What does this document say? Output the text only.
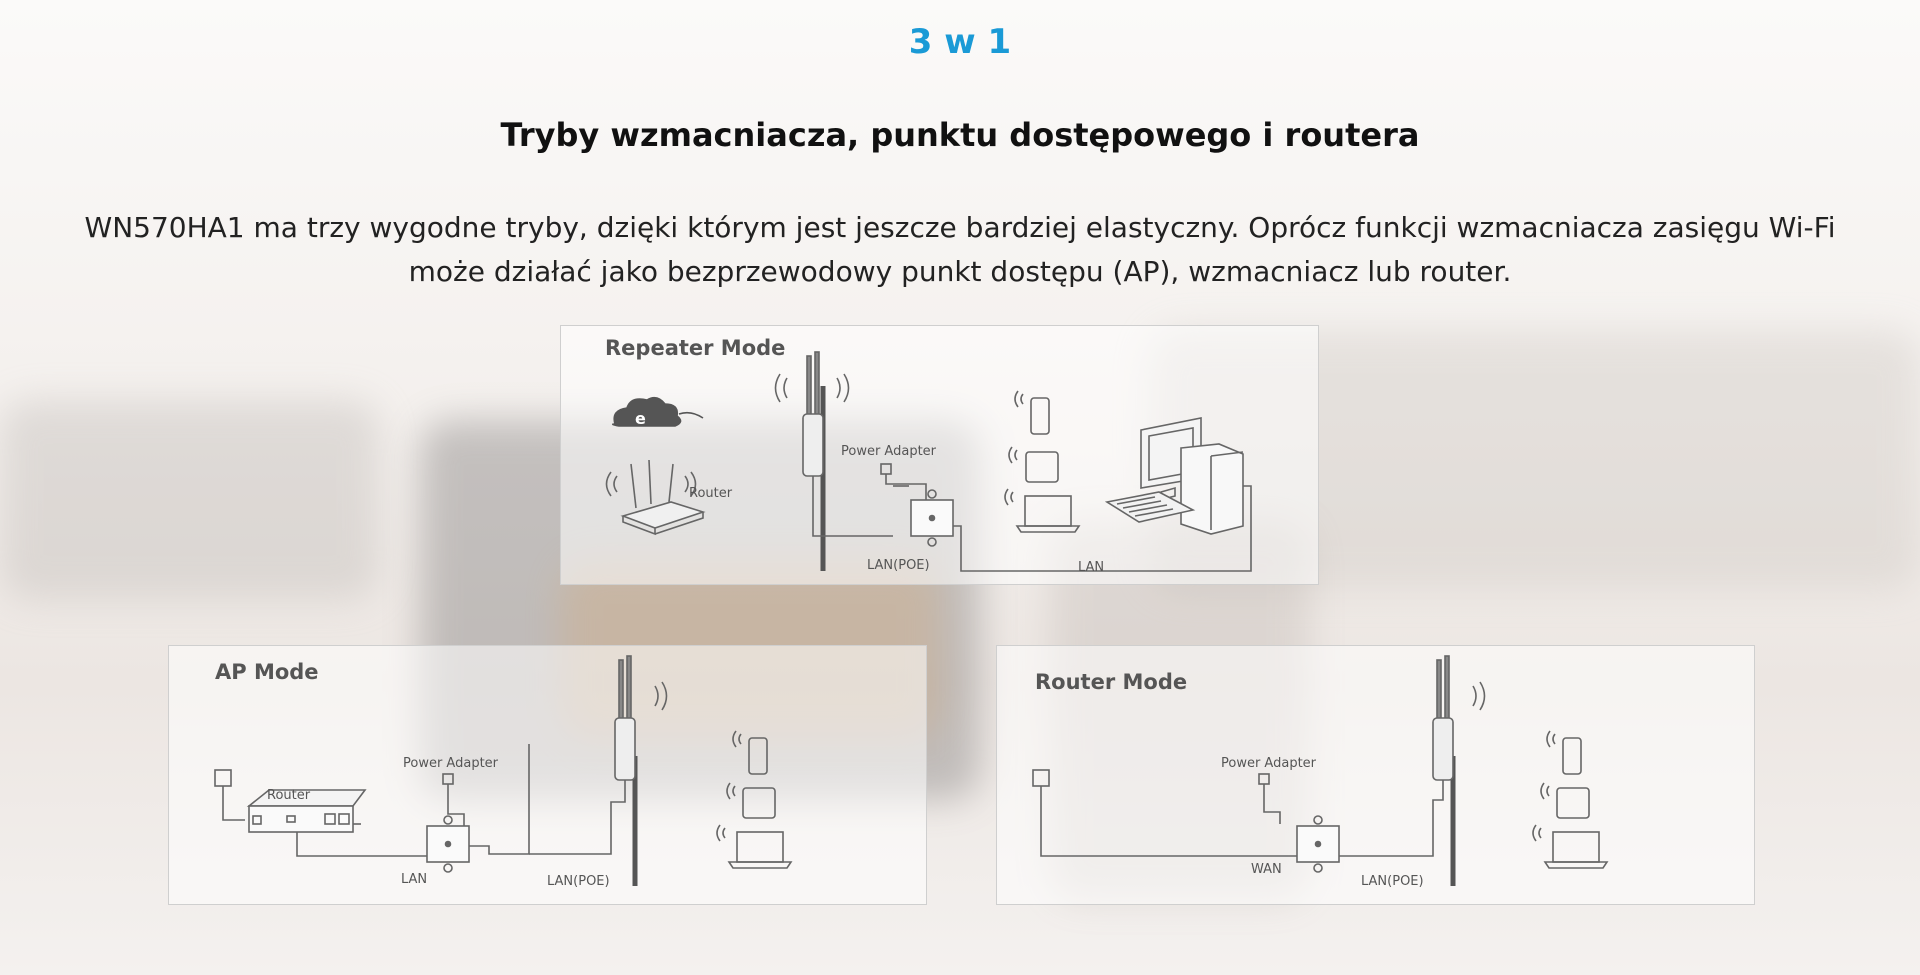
3 w 1
Tryby wzmacniacza, punktu dostępowego i routera
WN570HA1 ma trzy wygodne tryby, dzięki którym jest jeszcze bardziej elastyczny. Oprócz funkcji wzmacniacza zasięgu Wi-Fi
może działać jako bezprzewodowy punkt dostępu (AP), wzmacniacz lub router.
e
Repeater Mode
Router
Power Adapter
LAN(POE)	LAN
AP Mode
Router
Power Adapter
LAN	LAN(POE)
Router Mode
Power Adapter
WAN
LAN(POE)
